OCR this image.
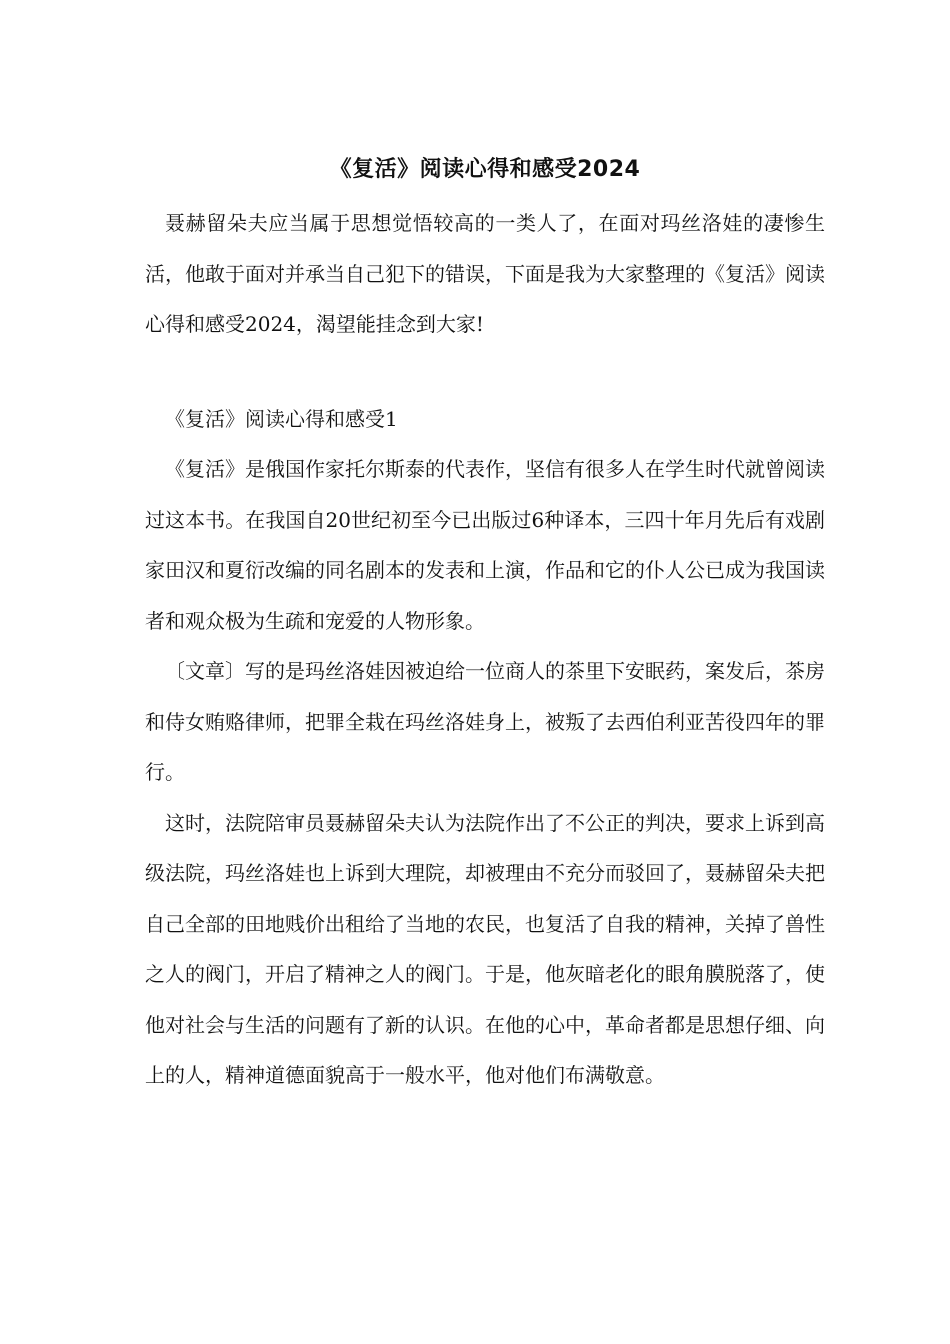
《复活》阅读心得和感受2024

聂赫留朵夫应当属于思想觉悟较高的一类人了，在面对玛丝洛娃的凄惨生活，他敢于面对并承当自己犯下的错误，下面是我为大家整理的《复活》阅读心得和感受2024，渴望能挂念到大家!

《复活》阅读心得和感受1

《复活》是俄国作家托尔斯泰的代表作，坚信有很多人在学生时代就曾阅读过这本书。在我国自20世纪初至今已出版过6种译本，三四十年月先后有戏剧家田汉和夏衍改编的同名剧本的发表和上演，作品和它的仆人公已成为我国读者和观众极为生疏和宠爱的人物形象。

〔文章〕写的是玛丝洛娃因被迫给一位商人的茶里下安眠药，案发后，茶房和侍女贿赂律师，把罪全栽在玛丝洛娃身上，被叛了去西伯利亚苦役四年的罪行。

这时，法院陪审员聂赫留朵夫认为法院作出了不公正的判决，要求上诉到高级法院，玛丝洛娃也上诉到大理院，却被理由不充分而驳回了，聂赫留朵夫把自己全部的田地贱价出租给了当地的农民，也复活了自我的精神，关掉了兽性之人的阀门，开启了精神之人的阀门。于是，他灰暗老化的眼角膜脱落了，使他对社会与生活的问题有了新的认识。在他的心中，革命者都是思想仔细、向上的人，精神道德面貌高于一般水平，他对他们布满敬意。
